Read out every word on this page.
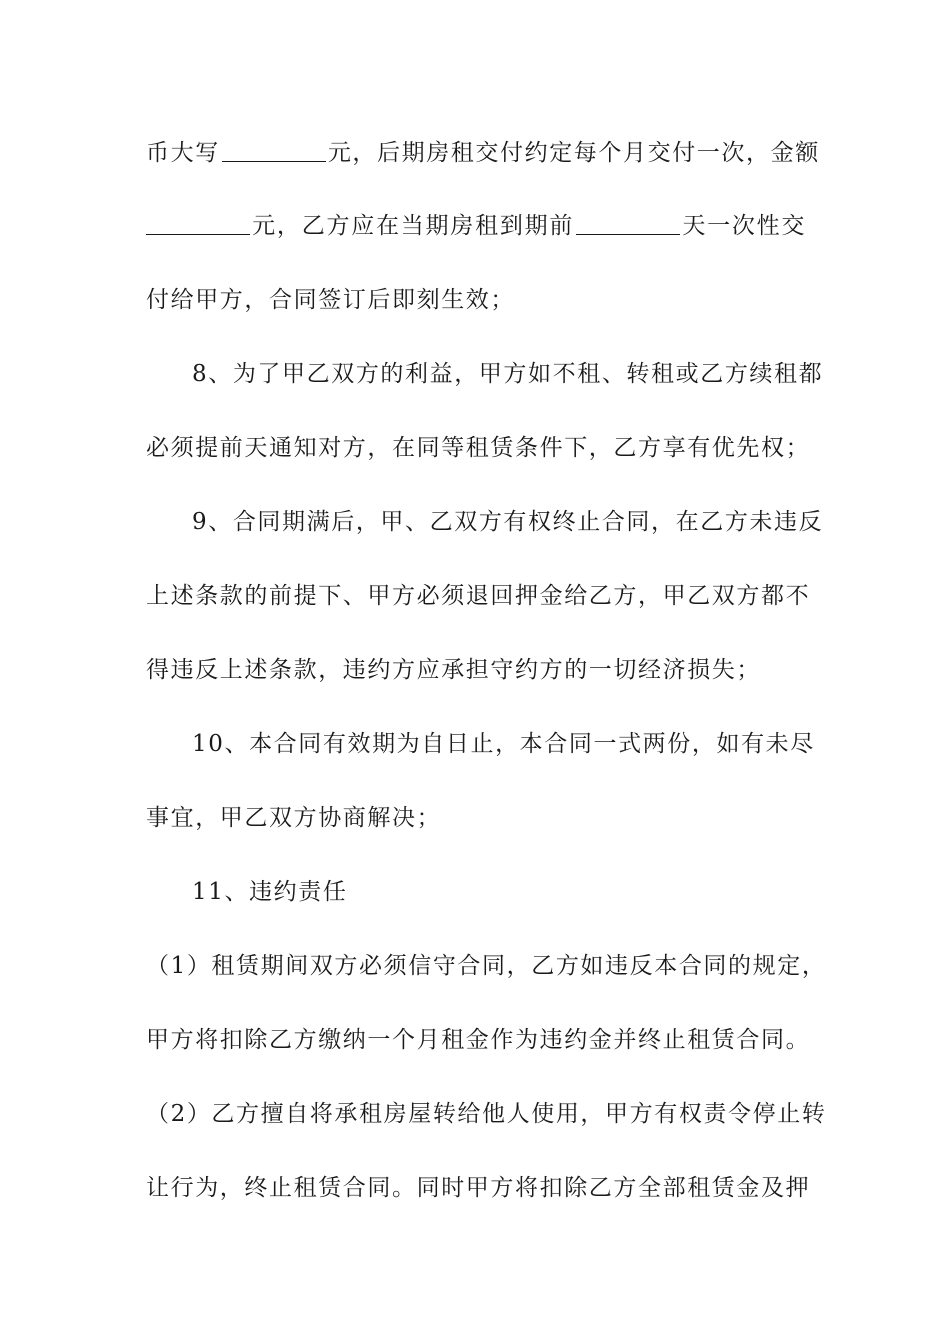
币大写	元，后期房租交付约定每个月交付一次，金额
元，乙方应在当期房租到期前	天一次性交
付给甲方，合同签订后即刻生效；
8、为了甲乙双方的利益，甲方如不租、转租或乙方续租都
必须提前天通知对方，在同等租赁条件下，乙方享有优先权；
9、合同期满后，甲、乙双方有权终止合同，在乙方未违反
上述条款的前提下、甲方必须退回押金给乙方，甲乙双方都不
得违反上述条款，违约方应承担守约方的一切经济损失；
10、本合同有效期为自日止，本合同一式两份，如有未尽
事宜，甲乙双方协商解决；
11、违约责任
（1）租赁期间双方必须信守合同，乙方如违反本合同的规定，
甲方将扣除乙方缴纳一个月租金作为违约金并终止租赁合同。
（2）乙方擅自将承租房屋转给他人使用，甲方有权责令停止转
让行为，终止租赁合同。同时甲方将扣除乙方全部租赁金及押
